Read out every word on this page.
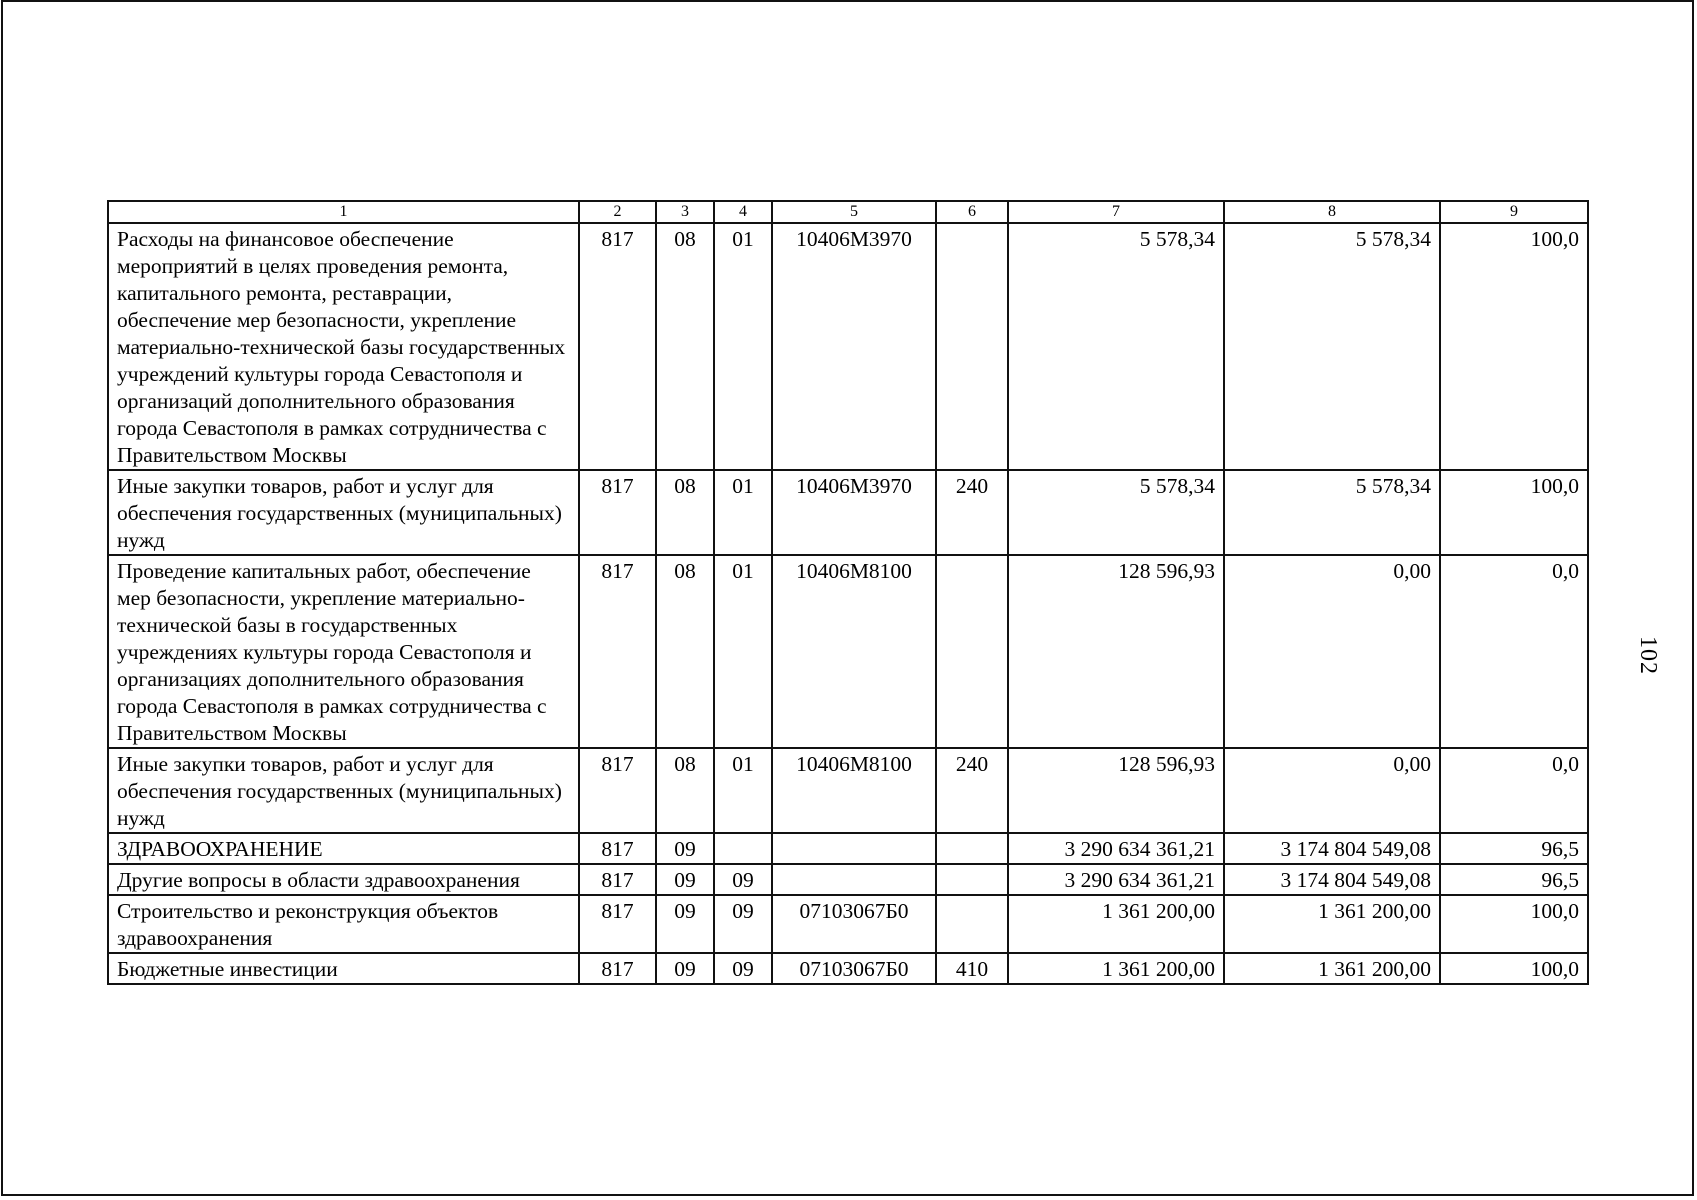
1	2	3	4	5	6	7	8	9
Расходы на финансовое обеспечение мероприятий в целях проведения ремонта, капитального ремонта, реставрации, обеспечение мер безопасности, укрепление материально-технической базы государственных учреждений культуры города Севастополя и организаций дополнительного образования города Севастополя в рамках сотрудничества с Правительством Москвы	817	08	01	10406М3970		5 578,34	5 578,34	100,0
Иные закупки товаров, работ и услуг для обеспечения государственных (муниципальных) нужд	817	08	01	10406М3970	240	5 578,34	5 578,34	100,0
Проведение капитальных работ, обеспечение мер безопасности, укрепление материально-технической базы в государственных учреждениях культуры города Севастополя и организациях дополнительного образования города Севастополя в рамках сотрудничества с Правительством Москвы	817	08	01	10406М8100		128 596,93	0,00	0,0
Иные закупки товаров, работ и услуг для обеспечения государственных (муниципальных) нужд	817	08	01	10406М8100	240	128 596,93	0,00	0,0
ЗДРАВООХРАНЕНИЕ	817	09				3 290 634 361,21	3 174 804 549,08	96,5
Другие вопросы в области здравоохранения	817	09	09			3 290 634 361,21	3 174 804 549,08	96,5
Строительство и реконструкция объектов здравоохранения	817	09	09	07103067Б0		1 361 200,00	1 361 200,00	100,0
Бюджетные инвестиции	817	09	09	07103067Б0	410	1 361 200,00	1 361 200,00	100,0
102
